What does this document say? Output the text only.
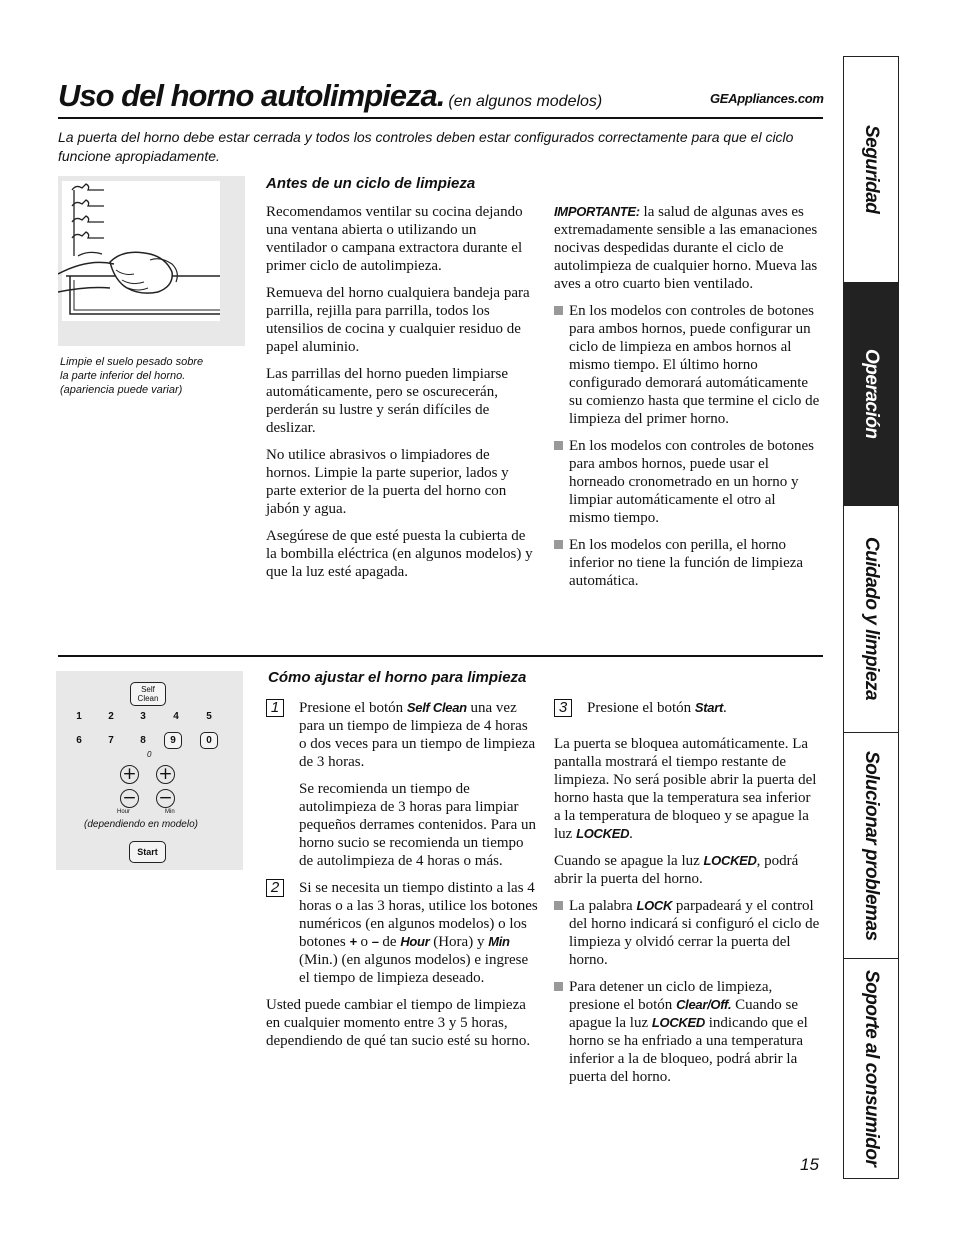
Uso del horno autolimpieza. (en algunos modelos)	GEAppliances.com
La puerta del horno debe estar cerrada y todos los controles deben estar configurados correctamente para que el ciclo funcione apropiadamente.
Limpie el suelo pesado sobre
la parte inferior del horno.
(apariencia puede variar)
Antes de un ciclo de limpieza

Recomendamos ventilar su cocina dejando una ventana abierta o utilizando un ventilador o campana extractora durante el primer ciclo de autolimpieza.

Remueva del horno cualquiera bandeja para parrilla, rejilla para parrilla, todos los utensilios de cocina y cualquier residuo de papel aluminio.

Las parrillas del horno pueden limpiarse automáticamente, pero se oscurecerán, perderán su lustre y serán difíciles de deslizar.

No utilice abrasivos o limpiadores de hornos. Limpie la parte superior, lados y parte exterior de la puerta del horno con jabón y agua.

Asegúrese de que esté puesta la cubierta de la bombilla eléctrica (en algunos modelos) y que la luz esté apagada.

IMPORTANTE: la salud de algunas aves es extremadamente sensible a las emanaciones nocivas despedidas durante el ciclo de autolimpieza de cualquier horno. Mueva las aves a otro cuarto bien ventilado.

En los modelos con controles de botones para ambos hornos, puede configurar un ciclo de limpieza en ambos hornos al mismo tiempo. El último horno configurado demorará automáticamente su comienzo hasta que termine el ciclo de limpieza del primer horno.
En los modelos con controles de botones para ambos hornos, puede usar el horneado cronometrado en un horno y limpiar automáticamente el otro al mismo tiempo.
En los modelos con perilla, el horno inferior no tiene la función de limpieza automática.
Self
Clean
1	2	3	4	5
6	7	8	9	0
0
+ +
− −
Hour	Min
(dependiendo en modelo)
Start
Cómo ajustar el horno para limpieza
1	Presione el botón Self Clean una vez para un tiempo de limpieza de 4 horas o dos veces para un tiempo de limpieza de 3 horas.

Se recomienda un tiempo de autolimpieza de 3 horas para limpiar pequeños derrames contenidos. Para un horno sucio se recomienda un tiempo de autolimpieza de 4 horas o más.

2	Si se necesita un tiempo distinto a las 4 horas o a las 3 horas, utilice los botones numéricos (en algunos modelos) o los botones + o – de Hour (Hora) y Min (Min.) (en algunos modelos) e ingrese el tiempo de limpieza deseado.

Usted puede cambiar el tiempo de limpieza en cualquier momento entre 3 y 5 horas, dependiendo de qué tan sucio esté su horno.

3	Presione el botón Start.

La puerta se bloquea automáticamente. La pantalla mostrará el tiempo restante de limpieza. No será posible abrir la puerta del horno hasta que la temperatura sea inferior a la temperatura de bloqueo y se apague la luz LOCKED.

Cuando se apague la luz LOCKED, podrá abrir la puerta del horno.

La palabra LOCK parpadeará y el control del horno indicará si configuró el ciclo de limpieza y olvidó cerrar la puerta del horno.
Para detener un ciclo de limpieza, presione el botón Clear/Off. Cuando se apague la luz LOCKED indicando que el horno se ha enfriado a una temperatura inferior a la de bloqueo, podrá abrir la puerta del horno.
Seguridad
Operación
Cuidado y limpieza
Solucionar problemas
Soporte al consumidor
15
